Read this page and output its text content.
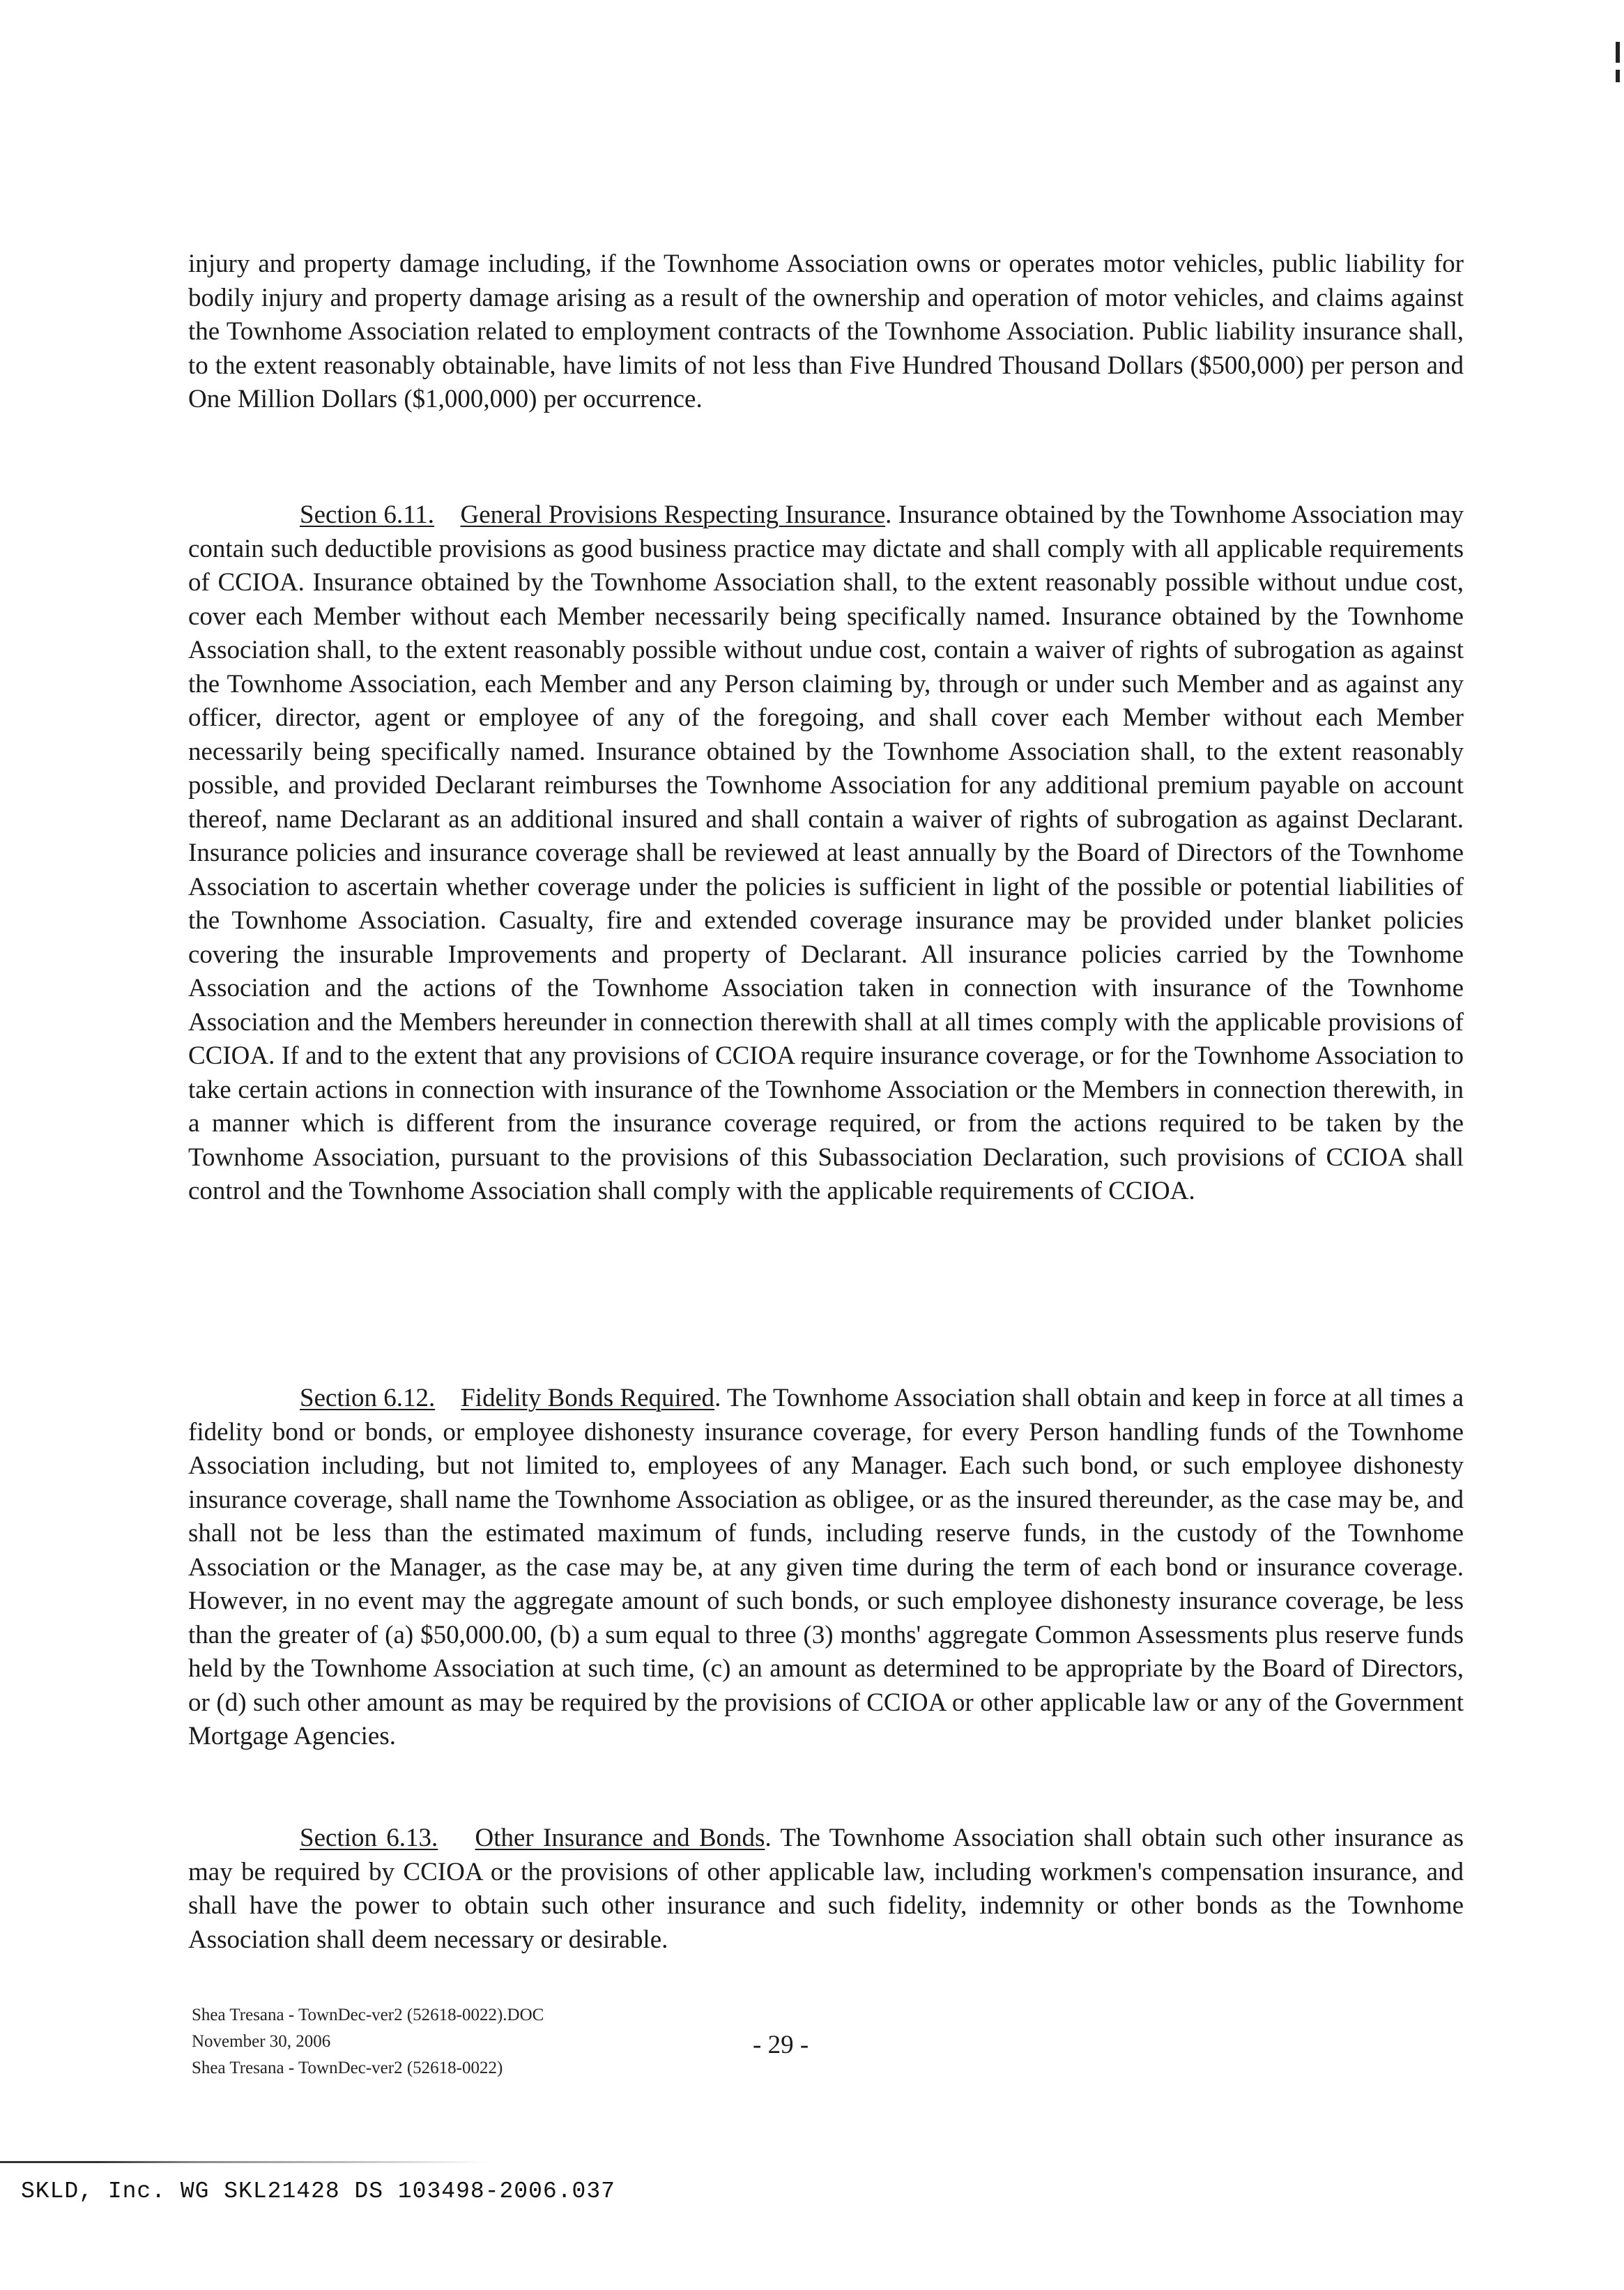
injury and property damage including, if the Townhome Association owns or operates motor vehicles, public liability for bodily injury and property damage arising as a result of the ownership and operation of motor vehicles, and claims against the Townhome Association related to employment contracts of the Townhome Association. Public liability insurance shall, to the extent reasonably obtainable, have limits of not less than Five Hundred Thousand Dollars ($500,000) per person and One Million Dollars ($1,000,000) per occurrence.

Section 6.11. General Provisions Respecting Insurance. Insurance obtained by the Townhome Association may contain such deductible provisions as good business practice may dictate and shall comply with all applicable requirements of CCIOA. Insurance obtained by the Townhome Association shall, to the extent reasonably possible without undue cost, cover each Member without each Member necessarily being specifically named. Insurance obtained by the Townhome Association shall, to the extent reasonably possible without undue cost, contain a waiver of rights of subrogation as against the Townhome Association, each Member and any Person claiming by, through or under such Member and as against any officer, director, agent or employee of any of the foregoing, and shall cover each Member without each Member necessarily being specifically named. Insurance obtained by the Townhome Association shall, to the extent reasonably possible, and provided Declarant reimburses the Townhome Association for any additional premium payable on account thereof, name Declarant as an additional insured and shall contain a waiver of rights of subrogation as against Declarant. Insurance policies and insurance coverage shall be reviewed at least annually by the Board of Directors of the Townhome Association to ascertain whether coverage under the policies is sufficient in light of the possible or potential liabilities of the Townhome Association. Casualty, fire and extended coverage insurance may be provided under blanket policies covering the insurable Improvements and property of Declarant. All insurance policies carried by the Townhome Association and the actions of the Townhome Association taken in connection with insurance of the Townhome Association and the Members hereunder in connection therewith shall at all times comply with the applicable provisions of CCIOA. If and to the extent that any provisions of CCIOA require insurance coverage, or for the Townhome Association to take certain actions in connection with insurance of the Townhome Association or the Members in connection therewith, in a manner which is different from the insurance coverage required, or from the actions required to be taken by the Townhome Association, pursuant to the provisions of this Subassociation Declaration, such provisions of CCIOA shall control and the Townhome Association shall comply with the applicable requirements of CCIOA.

Section 6.12. Fidelity Bonds Required. The Townhome Association shall obtain and keep in force at all times a fidelity bond or bonds, or employee dishonesty insurance coverage, for every Person handling funds of the Townhome Association including, but not limited to, employees of any Manager. Each such bond, or such employee dishonesty insurance coverage, shall name the Townhome Association as obligee, or as the insured thereunder, as the case may be, and shall not be less than the estimated maximum of funds, including reserve funds, in the custody of the Townhome Association or the Manager, as the case may be, at any given time during the term of each bond or insurance coverage. However, in no event may the aggregate amount of such bonds, or such employee dishonesty insurance coverage, be less than the greater of (a) $50,000.00, (b) a sum equal to three (3) months' aggregate Common Assessments plus reserve funds held by the Townhome Association at such time, (c) an amount as determined to be appropriate by the Board of Directors, or (d) such other amount as may be required by the provisions of CCIOA or other applicable law or any of the Government Mortgage Agencies.

Section 6.13. Other Insurance and Bonds. The Townhome Association shall obtain such other insurance as may be required by CCIOA or the provisions of other applicable law, including workmen's compensation insurance, and shall have the power to obtain such other insurance and such fidelity, indemnity or other bonds as the Townhome Association shall deem necessary or desirable.

Shea Tresana - TownDec-ver2 (52618-0022).DOC
November 30, 2006
Shea Tresana - TownDec-ver2 (52618-0022)
- 29 -
SKLD, Inc. WG SKL21428 DS 103498-2006.037
